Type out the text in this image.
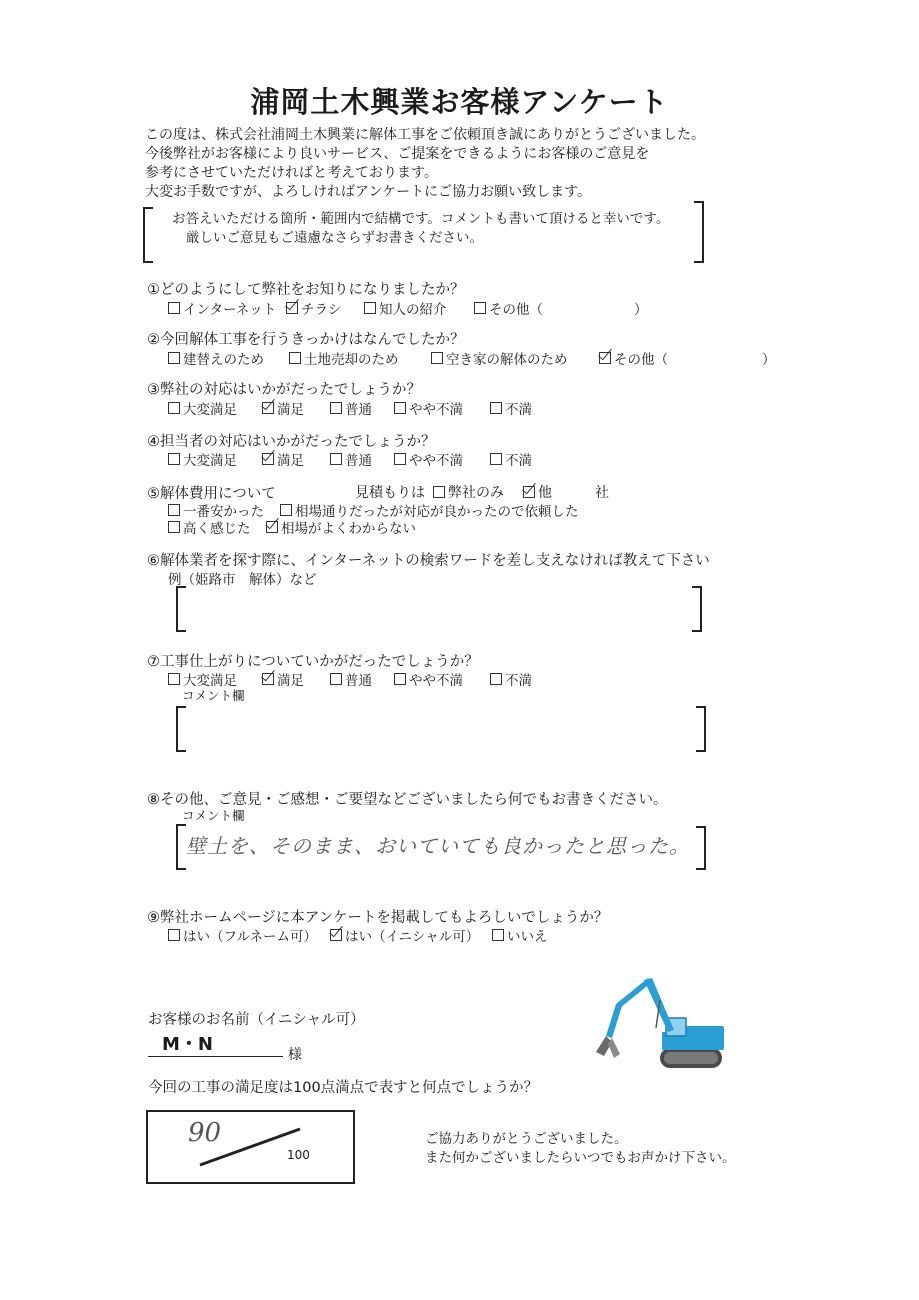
浦岡土木興業お客様アンケート
この度は、株式会社浦岡土木興業に解体工事をご依頼頂き誠にありがとうございました。
今後弊社がお客様により良いサービス、ご提案をできるようにお客様のご意見を
参考にさせていただければと考えております。
大変お手数ですが、よろしければアンケートにご協力お願い致します。
お答えいただける箇所・範囲内で結構です。コメントも書いて頂けると幸いです。
厳しいご意見もご遠慮なさらずお書きください。
①どのようにして弊社をお知りになりましたか？
インターネット チラシ	知人の紹介	その他（	）
②今回解体工事を行うきっかけはなんでしたか？
建替えのため	土地売却のため	空き家の解体のため	その他（	）
③弊社の対応はいかがだったでしょうか？
大変満足	満足	普通	やや不満	不満
④担当者の対応はいかがだったでしょうか？
大変満足	満足	普通	やや不満	不満
⑤解体費用について	見積もりは	弊社のみ 他	社
一番安かった 相場通りだったが対応が良かったので依頼した
高く感じた 相場がよくわからない
⑥解体業者を探す際に、インターネットの検索ワードを差し支えなければ教えて下さい
例（姫路市　解体）など
⑦工事仕上がりについていかがだったでしょうか？
大変満足	満足	普通	やや不満	不満
コメント欄
⑧その他、ご意見・ご感想・ご要望などございましたら何でもお書きください。
コメント欄
壁土を、そのまま、おいていても良かったと思った。
⑨弊社ホームページに本アンケートを掲載してもよろしいでしょうか？
はい（フルネーム可） はい（イニシャル可） いいえ
お客様のお名前（イニシャル可）
M・N	様
今回の工事の満足度は100点満点で表すと何点でしょうか？
90
100
ご協力ありがとうございました。
また何かございましたらいつでもお声かけ下さい。
